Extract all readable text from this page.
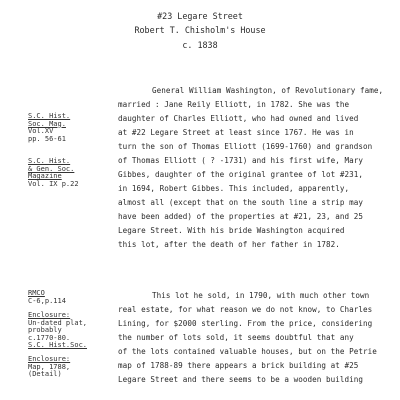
#23 Legare Street
Robert T. Chisholm's House
c. 1838
General William Washington, of Revolutionary fame,
married : Jane Reily Elliott, in 1782. She was the
daughter of Charles Elliott, who had owned and lived
at #22 Legare Street at least since 1767. He was in
turn the son of Thomas Elliott (1699-1760) and grandson
of Thomas Elliott ( ? -1731) and his first wife, Mary
Gibbes, daughter of the original grantee of lot #231,
in 1694, Robert Gibbes. This included, apparently,
almost all (except that on the south line a strip may
have been added) of the properties at #21, 23, and 25
Legare Street. With his bride Washington acquired
this lot, after the death of her father in 1782.
This lot he sold, in 1790, with much other town
real estate, for what reason we do not know, to Charles
Lining, for $2000 sterling. From the price, considering
the number of lots sold, it seems doubtful that any
of the lots contained valuable houses, but on the Petrie
map of 1788-89 there appears a brick building at #25
Legare Street and there seems to be a wooden building
S.C. Hist.
Soc. Mag.
Vol.XV
pp. 56-61
S.C. Hist.
& Gen. Soc.
Magazine
Vol. IX p.22
RMCO
C-6,p.114
Enclosure:
Un-dated plat,
probably
c.1770-80.
S.C. Hist.Soc.
Enclosure:
Map, 1788,
(Detail)
